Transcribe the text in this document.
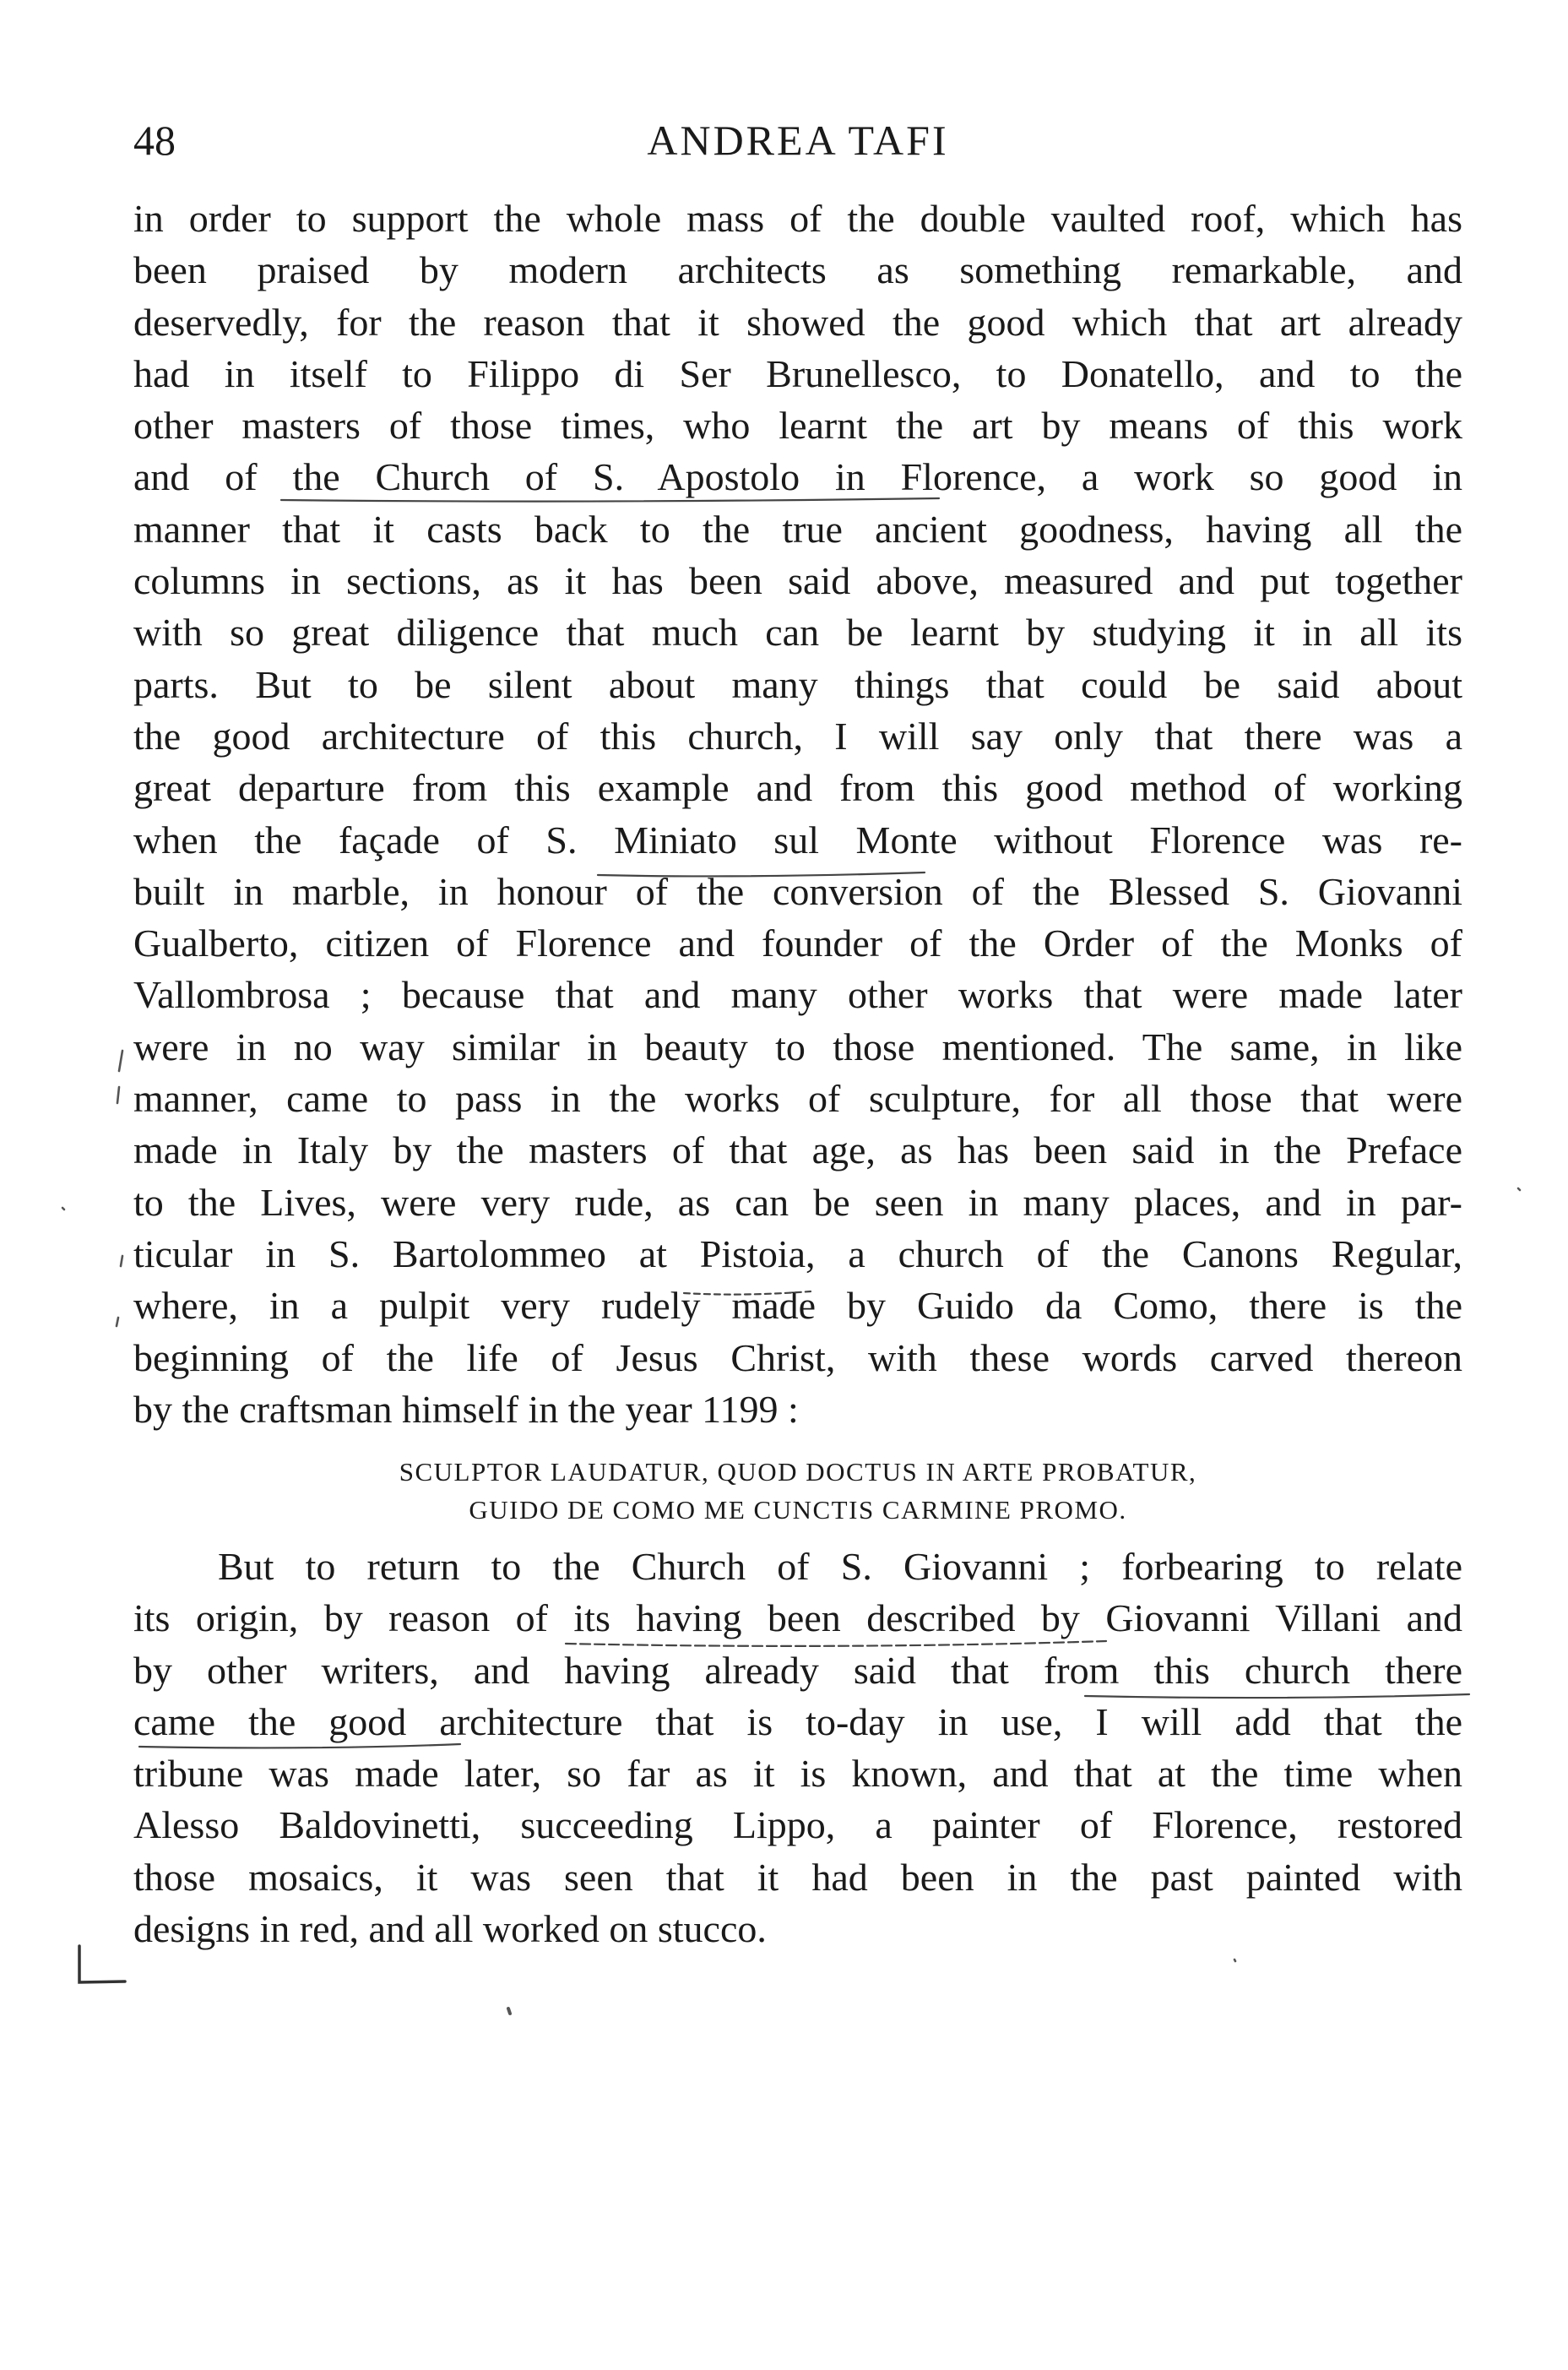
48	ANDREA TAFI
in order to support the whole mass of the double vaulted roof, which has
been praised by modern architects as something remarkable, and
deservedly, for the reason that it showed the good which that art already
had in itself to Filippo di Ser Brunellesco, to Donatello, and to the
other masters of those times, who learnt the art by means of this work
and of the Church of S. Apostolo in Florence, a work so good in
manner that it casts back to the true ancient goodness, having all the
columns in sections, as it has been said above, measured and put together
with so great diligence that much can be learnt by studying it in all its
parts. But to be silent about many things that could be said about
the good architecture of this church, I will say only that there was a
great departure from this example and from this good method of working
when the façade of S. Miniato sul Monte without Florence was re-
built in marble, in honour of the conversion of the Blessed S. Giovanni
Gualberto, citizen of Florence and founder of the Order of the Monks of
Vallombrosa ; because that and many other works that were made later
were in no way similar in beauty to those mentioned. The same, in like
manner, came to pass in the works of sculpture, for all those that were
made in Italy by the masters of that age, as has been said in the Preface
to the Lives, were very rude, as can be seen in many places, and in par-
ticular in S. Bartolommeo at Pistoia, a church of the Canons Regular,
where, in a pulpit very rudely made by Guido da Como, there is the
beginning of the life of Jesus Christ, with these words carved thereon
by the craftsman himself in the year 1199 :
SCULPTOR LAUDATUR, QUOD DOCTUS IN ARTE PROBATUR,
GUIDO DE COMO ME CUNCTIS CARMINE PROMO.
But to return to the Church of S. Giovanni ; forbearing to relate
its origin, by reason of its having been described by Giovanni Villani and
by other writers, and having already said that from this church there
came the good architecture that is to-day in use, I will add that the
tribune was made later, so far as it is known, and that at the time when
Alesso Baldovinetti, succeeding Lippo, a painter of Florence, restored
those mosaics, it was seen that it had been in the past painted with
designs in red, and all worked on stucco.
